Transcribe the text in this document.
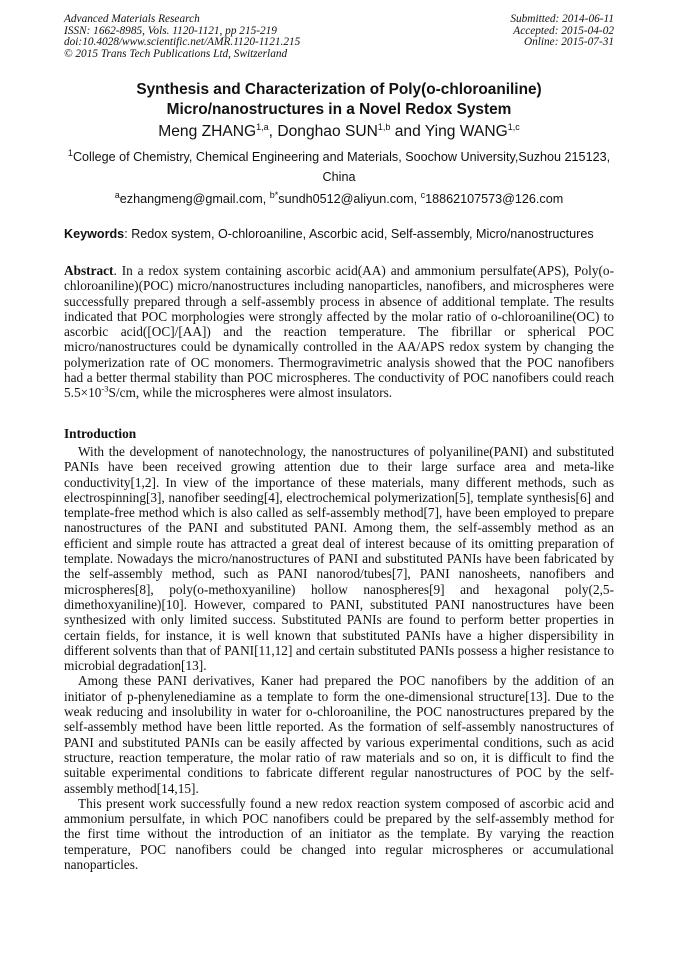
Advanced Materials Research
ISSN: 1662-8985, Vols. 1120-1121, pp 215-219
doi:10.4028/www.scientific.net/AMR.1120-1121.215
© 2015 Trans Tech Publications Ltd, Switzerland
Submitted: 2014-06-11
Accepted: 2015-04-02
Online: 2015-07-31
Synthesis and Characterization of Poly(o-chloroaniline)
Micro/nanostructures in a Novel Redox System
Meng ZHANG$^{1,a}$, Donghao SUN$^{1,b}$ and Ying WANG$^{1,c}$
$^1$College of Chemistry, Chemical Engineering and Materials, Soochow University,Suzhou 215123,
China
$^a$ezhangmeng@gmail.com, $^{b*}$sundh0512@aliyun.com, $^c$18862107573@126.com
Keywords: Redox system, O-chloroaniline, Ascorbic acid, Self-assembly, Micro/nanostructures

Abstract. In a redox system containing ascorbic acid(AA) and ammonium persulfate(APS), Poly(o-chloroaniline)(POC) micro/nanostructures including nanoparticles, nanofibers, and microspheres were successfully prepared through a self-assembly process in absence of additional template. The results indicated that POC morphologies were strongly affected by the molar ratio of o-chloroaniline(OC) to ascorbic acid([OC]/[AA]) and the reaction temperature. The fibrillar or spherical POC micro/nanostructures could be dynamically controlled in the AA/APS redox system by changing the polymerization rate of OC monomers. Thermogravimetric analysis showed that the POC nanofibers had a better thermal stability than POC microspheres. The conductivity of POC nanofibers could reach $5.5\times 10^{-3}S/cm$, while the microspheres were almost insulators.

Introduction

With the development of nanotechnology, the nanostructures of polyaniline(PANI) and substituted PANIs have been received growing attention due to their large surface area and meta-like conductivity[1,2]. In view of the importance of these materials, many different methods, such as electrospinning[3], nanofiber seeding[4], electrochemical polymerization[5], template synthesis[6] and template-free method which is also called as self-assembly method[7], have been employed to prepare nanostructures of the PANI and substituted PANI. Among them, the self-assembly method as an efficient and simple route has attracted a great deal of interest because of its omitting preparation of template. Nowadays the micro/nanostructures of PANI and substituted PANIs have been fabricated by the self-assembly method, such as PANI nanorod/tubes[7], PANI nanosheets, nanofibers and microspheres[8], poly(o-methoxyaniline) hollow nanospheres[9] and hexagonal poly(2,5-dimethoxyaniline)[10]. However, compared to PANI, substituted PANI nanostructures have been synthesized with only limited success. Substituted PANIs are found to perform better properties in certain fields, for instance, it is well known that substituted PANIs have a higher dispersibility in different solvents than that of PANI[11,12] and certain substituted PANIs possess a higher resistance to microbial degradation[13].

Among these PANI derivatives, Kaner had prepared the POC nanofibers by the addition of an initiator of p-phenylenediamine as a template to form the one-dimensional structure[13]. Due to the weak reducing and insolubility in water for o-chloroaniline, the POC nanostructures prepared by the self-assembly method have been little reported. As the formation of self-assembly nanostructures of PANI and substituted PANIs can be easily affected by various experimental conditions, such as acid structure, reaction temperature, the molar ratio of raw materials and so on, it is difficult to find the suitable experimental conditions to fabricate different regular nanostructures of POC by the self-assembly method[14,15].

This present work successfully found a new redox reaction system composed of ascorbic acid and ammonium persulfate, in which POC nanofibers could be prepared by the self-assembly method for the first time without the introduction of an initiator as the template. By varying the reaction temperature, POC nanofibers could be changed into regular microspheres or accumulational nanoparticles.
